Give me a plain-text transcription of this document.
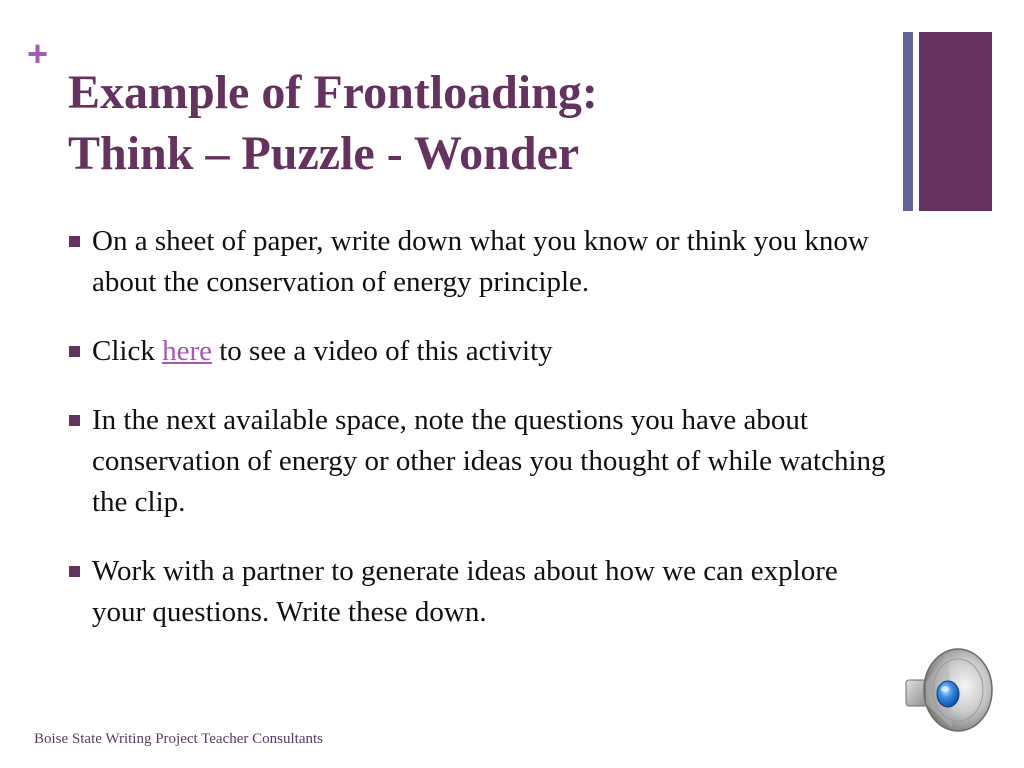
+
Example of Frontloading:
Think – Puzzle - Wonder
On a sheet of paper, write down what you know or think you know about the conservation of energy principle.
Click here to see a video of this activity
In the next available space, note the questions you have about conservation of energy or other ideas you thought of while watching the clip.
Work with a partner to generate ideas about how we can explore your questions. Write these down.
Boise State Writing Project Teacher Consultants
